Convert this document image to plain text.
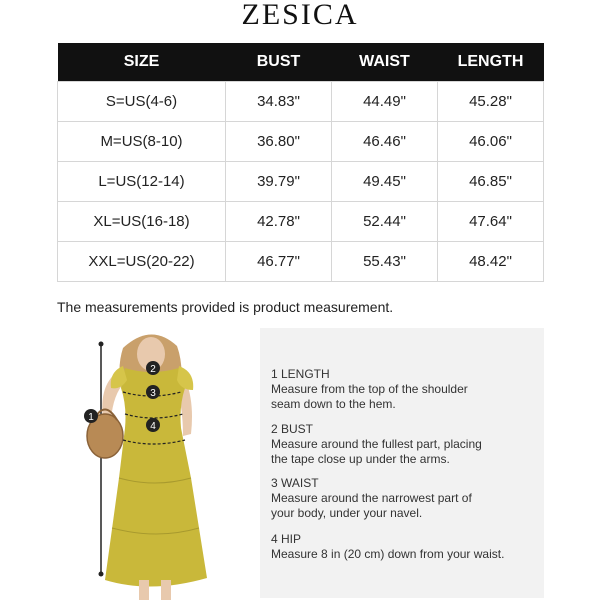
ZESICA
SIZE	BUST	WAIST	LENGTH
S=US(4-6)	34.83"	44.49"	45.28"
M=US(8-10)	36.80"	46.46"	46.06"
L=US(12-14)	39.79"	49.45"	46.85"
XL=US(16-18)	42.78"	52.44"	47.64"
XXL=US(20-22)	46.77"	55.43"	48.42"
The measurements provided is product measurement.
1
2
3
4
1 LENGTH
Measure from the top of the shoulder seam down to the hem.
2 BUST
Measure around the fullest part, placing the tape close up under the arms.
3 WAIST
Measure around the narrowest part of your body, under your navel.
4 HIP
Measure 8 in (20 cm) down from your waist.
